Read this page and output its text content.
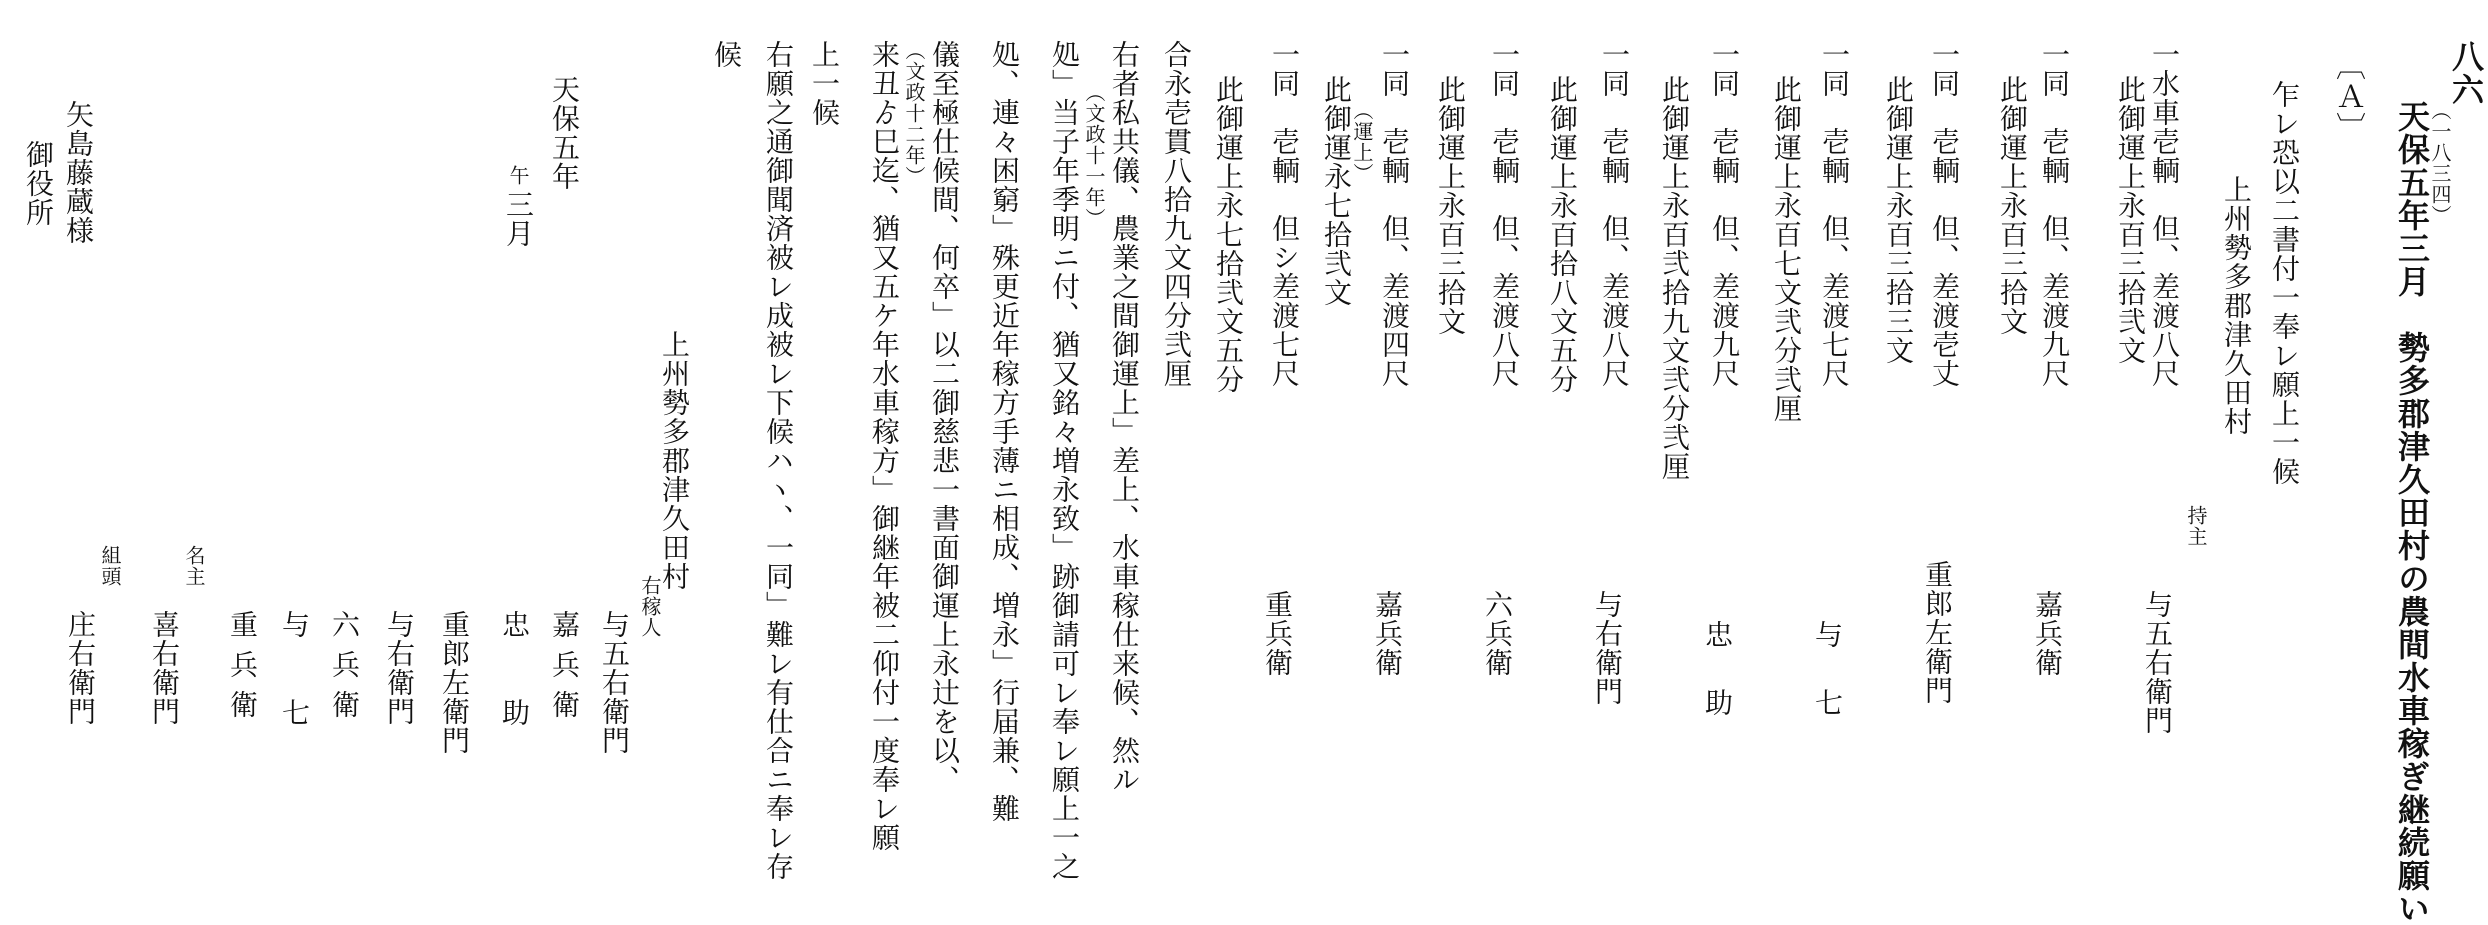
八六
（一八三四）
天保五年三月　勢多郡津久田村の農間水車稼ぎ継続願い
〔Ａ〕
乍レ恐以二書付一奉レ願上一候
上州勢多郡津久田村
持主
一水車壱輌　但、差渡八尺
此御運上永百三拾弐文
与五右衛門
一同　壱輌　但、差渡九尺
此御運上永百三拾文
嘉兵衛
一同　壱輌　但、差渡壱丈
此御運上永百三拾三文
重郎左衛門
一同　壱輌　但、差渡七尺
此御運上永百七文弐分弐厘
与七
一同　壱輌　但、差渡九尺
此御運上永百弐拾九文弐分弐厘
忠助
一同　壱輌　但、差渡八尺
此御運上永百拾八文五分
与右衛門
一同　壱輌　但、差渡八尺
此御運上永百三拾文
六兵衛
一同　壱輌　但、差渡四尺
（運上）
此御運永七拾弐文
嘉兵衛
一同　壱輌　但シ差渡七尺
此御運上永七拾弐文五分
重兵衛
合永壱貫八拾九文四分弐厘
右者私共儀、農業之間御運上」差上、水車稼仕来候、然ル
（文政十一年）
処」当子年季明ニ付、猶又銘々増永致」跡御請可レ奉レ願上一之
処、連々困窮」殊更近年稼方手薄ニ相成、増永」行届兼、難
儀至極仕候間、何卒」以二御慈悲一書面御運上永辻を以、
（文政十二年）
来丑ゟ巳迄、猶又五ケ年水車稼方」御継年被二仰付一度奉レ願
上一候
右願之通御聞済被レ成被レ下候ハヽ、一同」難レ有仕合ニ奉レ存
候
上州勢多郡津久田村
右稼人
与五右衛門
嘉兵衛
忠助
重郎左衛門
与右衛門
六兵衛
与七
重兵衛
名主
喜右衛門
組頭
庄右衛門
天保五年
午
三月
矢島藤蔵様
御役所
